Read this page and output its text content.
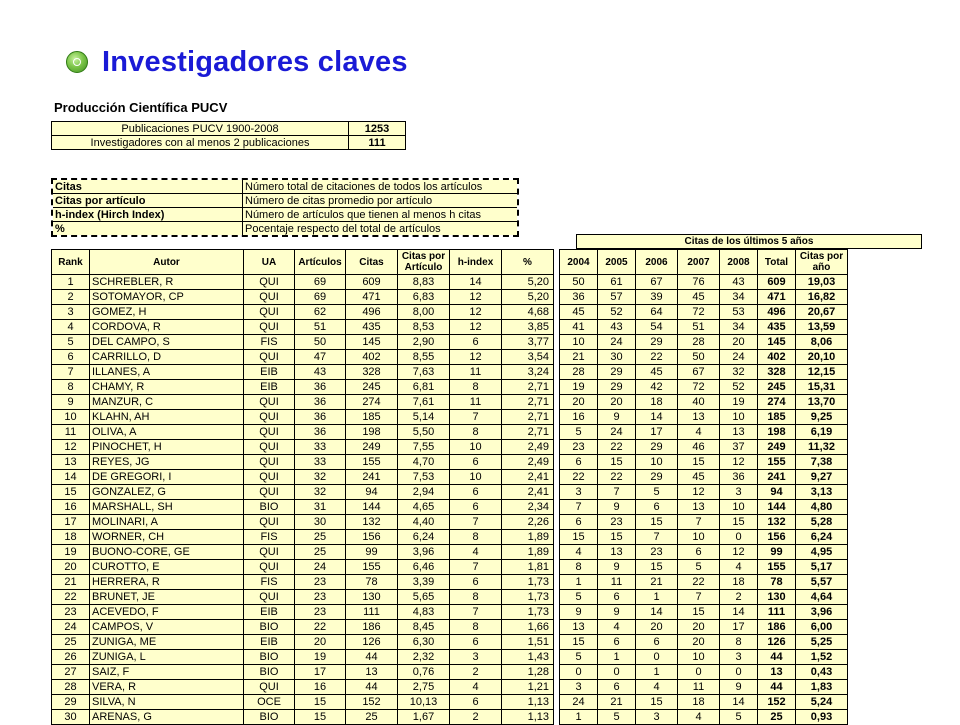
Investigadores claves
Producción Científica PUCV
Publicaciones PUCV 1900-2008	1253
Investigadores con al menos 2 publicaciones	111
Citas	Número total de citaciones de todos los artículos
Citas por artículo	Número de citas promedio por artículo
h-index (Hirch Index)	Número de artículos que tienen al menos h citas
%	Pocentaje respecto del total de artículos
Citas de los últimos 5 años
Rank	Autor	UA	Artículos	Citas	Citas por Artículo	h-index	%		2004	2005	2006	2007	2008	Total	Citas por año
1	SCHREBLER, R	QUI	69	609	8,83	14	5,20		50	61	67	76	43	609	19,03
2	SOTOMAYOR, CP	QUI	69	471	6,83	12	5,20		36	57	39	45	34	471	16,82
3	GOMEZ, H	QUI	62	496	8,00	12	4,68		45	52	64	72	53	496	20,67
4	CORDOVA, R	QUI	51	435	8,53	12	3,85		41	43	54	51	34	435	13,59
5	DEL CAMPO, S	FIS	50	145	2,90	6	3,77		10	24	29	28	20	145	8,06
6	CARRILLO, D	QUI	47	402	8,55	12	3,54		21	30	22	50	24	402	20,10
7	ILLANES, A	EIB	43	328	7,63	11	3,24		28	29	45	67	32	328	12,15
8	CHAMY, R	EIB	36	245	6,81	8	2,71		19	29	42	72	52	245	15,31
9	MANZUR, C	QUI	36	274	7,61	11	2,71		20	20	18	40	19	274	13,70
10	KLAHN, AH	QUI	36	185	5,14	7	2,71		16	9	14	13	10	185	9,25
11	OLIVA, A	QUI	36	198	5,50	8	2,71		5	24	17	4	13	198	6,19
12	PINOCHET, H	QUI	33	249	7,55	10	2,49		23	22	29	46	37	249	11,32
13	REYES, JG	QUI	33	155	4,70	6	2,49		6	15	10	15	12	155	7,38
14	DE GREGORI, I	QUI	32	241	7,53	10	2,41		22	22	29	45	36	241	9,27
15	GONZALEZ, G	QUI	32	94	2,94	6	2,41		3	7	5	12	3	94	3,13
16	MARSHALL, SH	BIO	31	144	4,65	6	2,34		7	9	6	13	10	144	4,80
17	MOLINARI, A	QUI	30	132	4,40	7	2,26		6	23	15	7	15	132	5,28
18	WORNER, CH	FIS	25	156	6,24	8	1,89		15	15	7	10	0	156	6,24
19	BUONO-CORE, GE	QUI	25	99	3,96	4	1,89		4	13	23	6	12	99	4,95
20	CUROTTO, E	QUI	24	155	6,46	7	1,81		8	9	15	5	4	155	5,17
21	HERRERA, R	FIS	23	78	3,39	6	1,73		1	11	21	22	18	78	5,57
22	BRUNET, JE	QUI	23	130	5,65	8	1,73		5	6	1	7	2	130	4,64
23	ACEVEDO, F	EIB	23	111	4,83	7	1,73		9	9	14	15	14	111	3,96
24	CAMPOS, V	BIO	22	186	8,45	8	1,66		13	4	20	20	17	186	6,00
25	ZUNIGA, ME	EIB	20	126	6,30	6	1,51		15	6	6	20	8	126	5,25
26	ZUNIGA, L	BIO	19	44	2,32	3	1,43		5	1	0	10	3	44	1,52
27	SAIZ, F	BIO	17	13	0,76	2	1,28		0	0	1	0	0	13	0,43
28	VERA, R	QUI	16	44	2,75	4	1,21		3	6	4	11	9	44	1,83
29	SILVA, N	OCE	15	152	10,13	6	1,13		24	21	15	18	14	152	5,24
30	ARENAS, G	BIO	15	25	1,67	2	1,13		1	5	3	4	5	25	0,93
